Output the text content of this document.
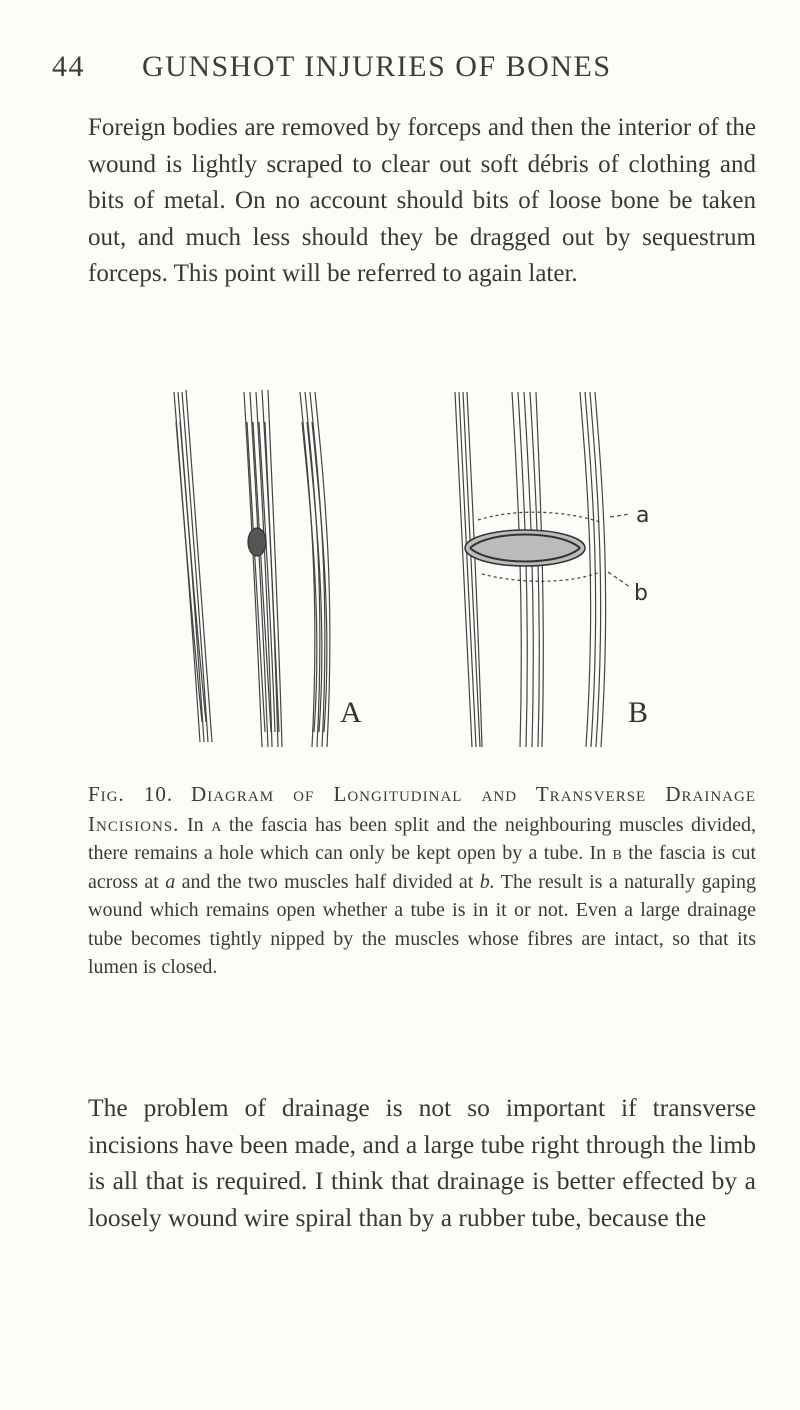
44 GUNSHOT INJURIES OF BONES
Foreign bodies are removed by forceps and then the interior of the wound is lightly scraped to clear out soft débris of clothing and bits of metal. On no account should bits of loose bone be taken out, and much less should they be dragged out by sequestrum forceps. This point will be referred to again later.
A
a
b
B
Fig. 10. Diagram of Longitudinal and Transverse Drainage Incisions. In a the fascia has been split and the neighbouring muscles divided, there remains a hole which can only be kept open by a tube. In b the fascia is cut across at a and the two muscles half divided at b. The result is a naturally gaping wound which remains open whether a tube is in it or not. Even a large drainage tube becomes tightly nipped by the muscles whose fibres are intact, so that its lumen is closed.
The problem of drainage is not so important if transverse incisions have been made, and a large tube right through the limb is all that is required. I think that drainage is better effected by a loosely wound wire spiral than by a rubber tube, because the
